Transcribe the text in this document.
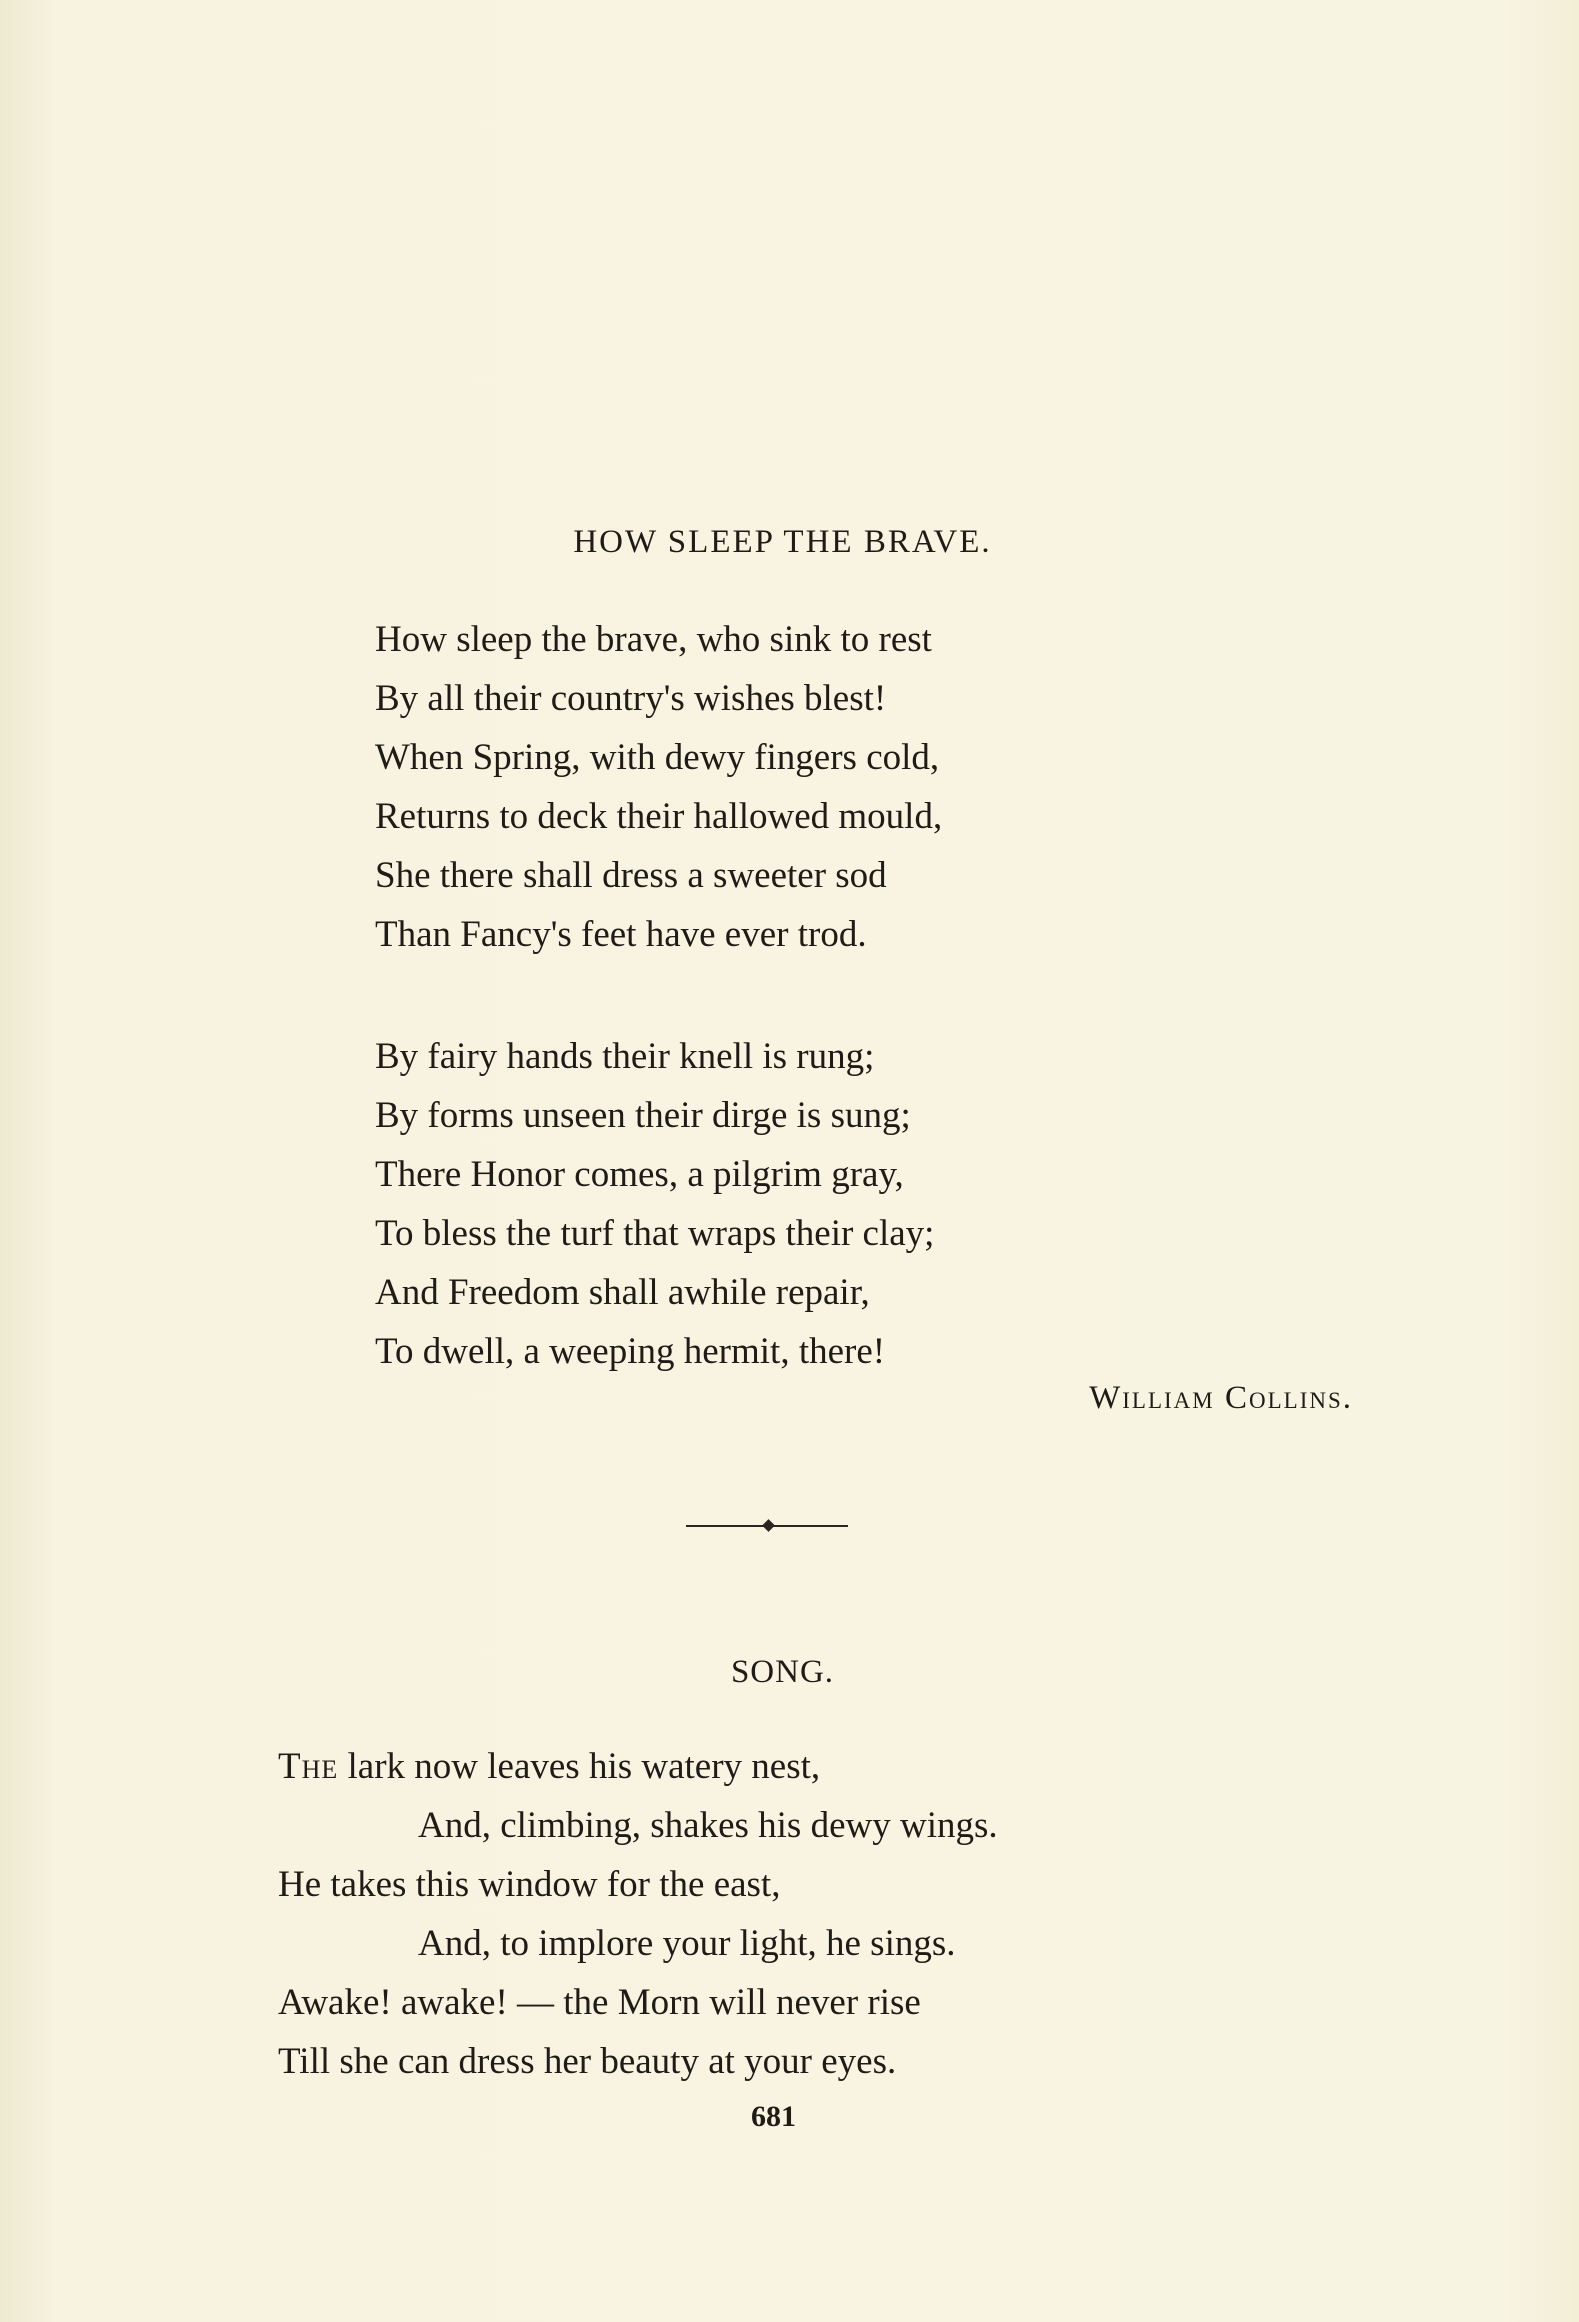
HOW SLEEP THE BRAVE.
How sleep the brave, who sink to rest
By all their country's wishes blest!
When Spring, with dewy fingers cold,
Returns to deck their hallowed mould,
She there shall dress a sweeter sod
Than Fancy's feet have ever trod.
By fairy hands their knell is rung;
By forms unseen their dirge is sung;
There Honor comes, a pilgrim gray,
To bless the turf that wraps their clay;
And Freedom shall awhile repair,
To dwell, a weeping hermit, there!
William Collins.
SONG.
The lark now leaves his watery nest,
And, climbing, shakes his dewy wings.
He takes this window for the east,
And, to implore your light, he sings.
Awake! awake! — the Morn will never rise
Till she can dress her beauty at your eyes.
681
